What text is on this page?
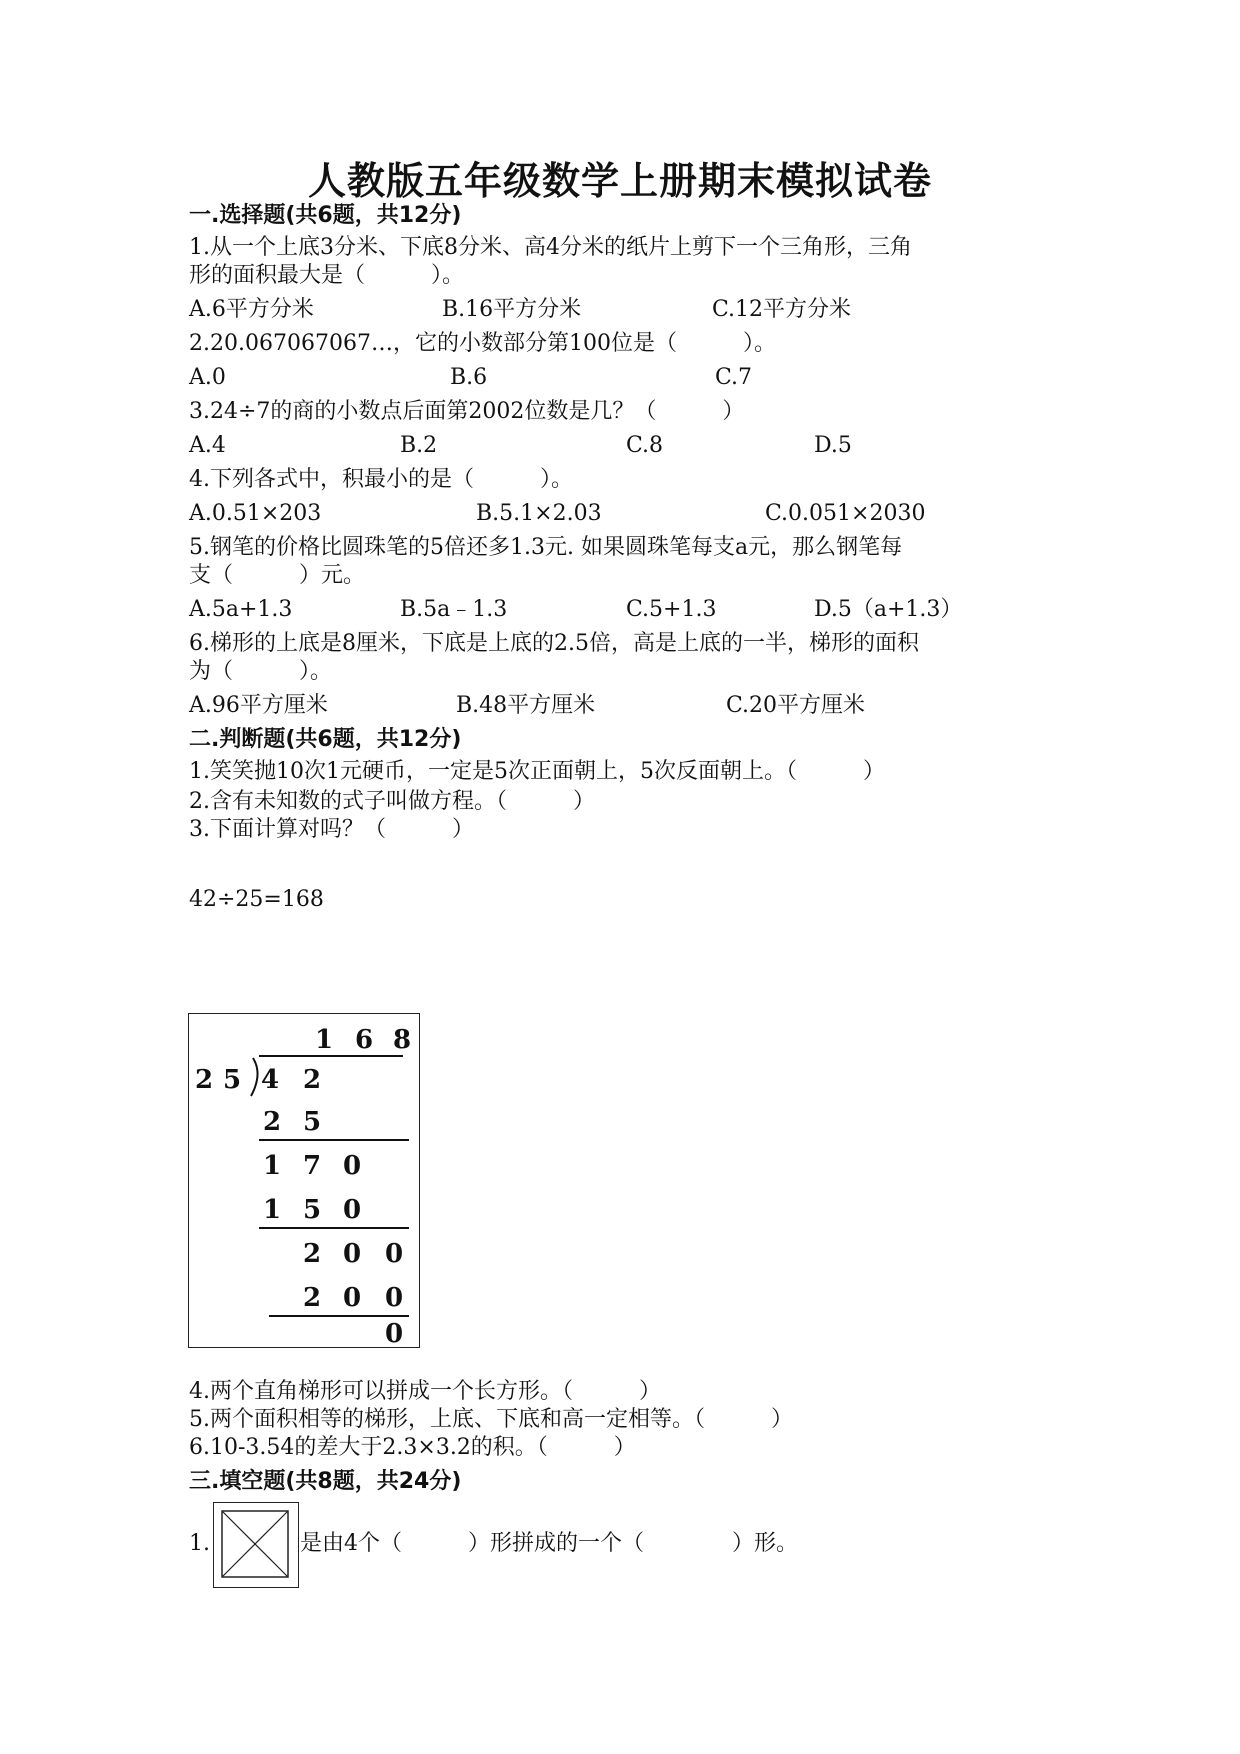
人教版五年级数学上册期末模拟试卷
一.选择题(共6题，共12分)
1.从一个上底3分米、下底8分米、高4分米的纸片上剪下一个三角形，三角
形的面积最大是（　　　）。
A.6平方分米	B.16平方分米	C.12平方分米
2.20.067067067…，它的小数部分第100位是（　　　）。
A.0	B.6	C.7
3.24÷7的商的小数点后面第2002位数是几？（　　　）
A.4	B.2	C.8	D.5
4.下列各式中，积最小的是（　　　）。
A.0.51×203	B.5.1×2.03	C.0.051×2030
5.钢笔的价格比圆珠笔的5倍还多1.3元. 如果圆珠笔每支a元，那么钢笔每
支（　　　）元。
A.5a+1.3	B.5a﹣1.3	C.5+1.3	D.5（a+1.3）
6.梯形的上底是8厘米，下底是上底的2.5倍，高是上底的一半，梯形的面积
为（　　　）。
A.96平方厘米	B.48平方厘米	C.20平方厘米
二.判断题(共6题，共12分)
1.笑笑抛10次1元硬币，一定是5次正面朝上，5次反面朝上。（　　　）
2.含有未知数的式子叫做方程。（　　　）
3.下面计算对吗？（　　　）
42÷25=168
1 6 8
2 5 4 2
2 5
1 7 0
1 5 0
2 0 0
2 0 0
0
4.两个直角梯形可以拼成一个长方形。（　　　）
5.两个面积相等的梯形，上底、下底和高一定相等。（　　　）
6.10-3.54的差大于2.3×3.2的积。（　　　）
三.填空题(共8题，共24分)
1.	是由4个（　　　）形拼成的一个（　　　　）形。
